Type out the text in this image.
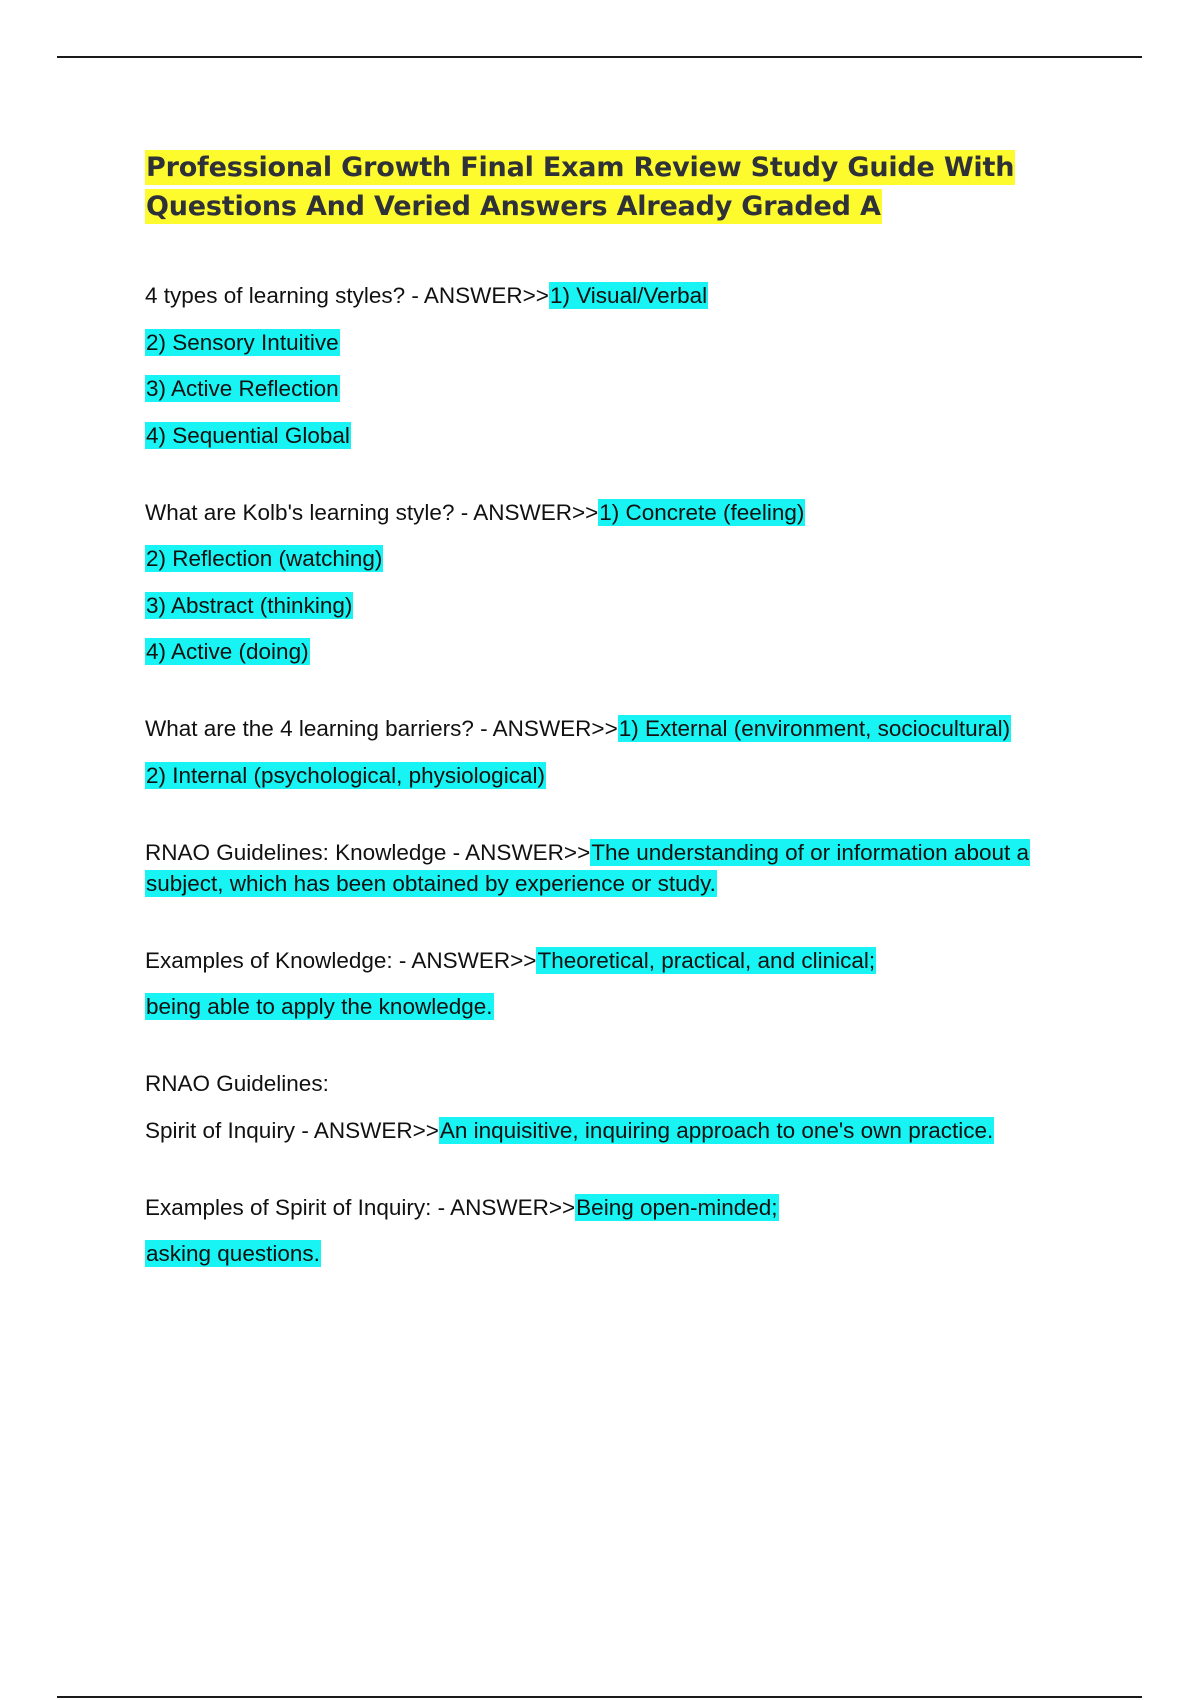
Professional Growth Final Exam Review Study Guide With Questions And Veried Answers Already Graded A
4 types of learning styles? - ANSWER>>1) Visual/Verbal
2) Sensory Intuitive
3) Active Reflection
4) Sequential Global
What are Kolb's learning style? - ANSWER>>1) Concrete (feeling)
2) Reflection (watching)
3) Abstract (thinking)
4) Active (doing)
What are the 4 learning barriers? - ANSWER>>1) External (environment, sociocultural)
2) Internal (psychological, physiological)
RNAO Guidelines: Knowledge - ANSWER>>The understanding of or information about a subject, which has been obtained by experience or study.
Examples of Knowledge: - ANSWER>>Theoretical, practical, and clinical;
being able to apply the knowledge.
RNAO Guidelines:
Spirit of Inquiry - ANSWER>>An inquisitive, inquiring approach to one's own practice.
Examples of Spirit of Inquiry: - ANSWER>>Being open-minded;
asking questions.
